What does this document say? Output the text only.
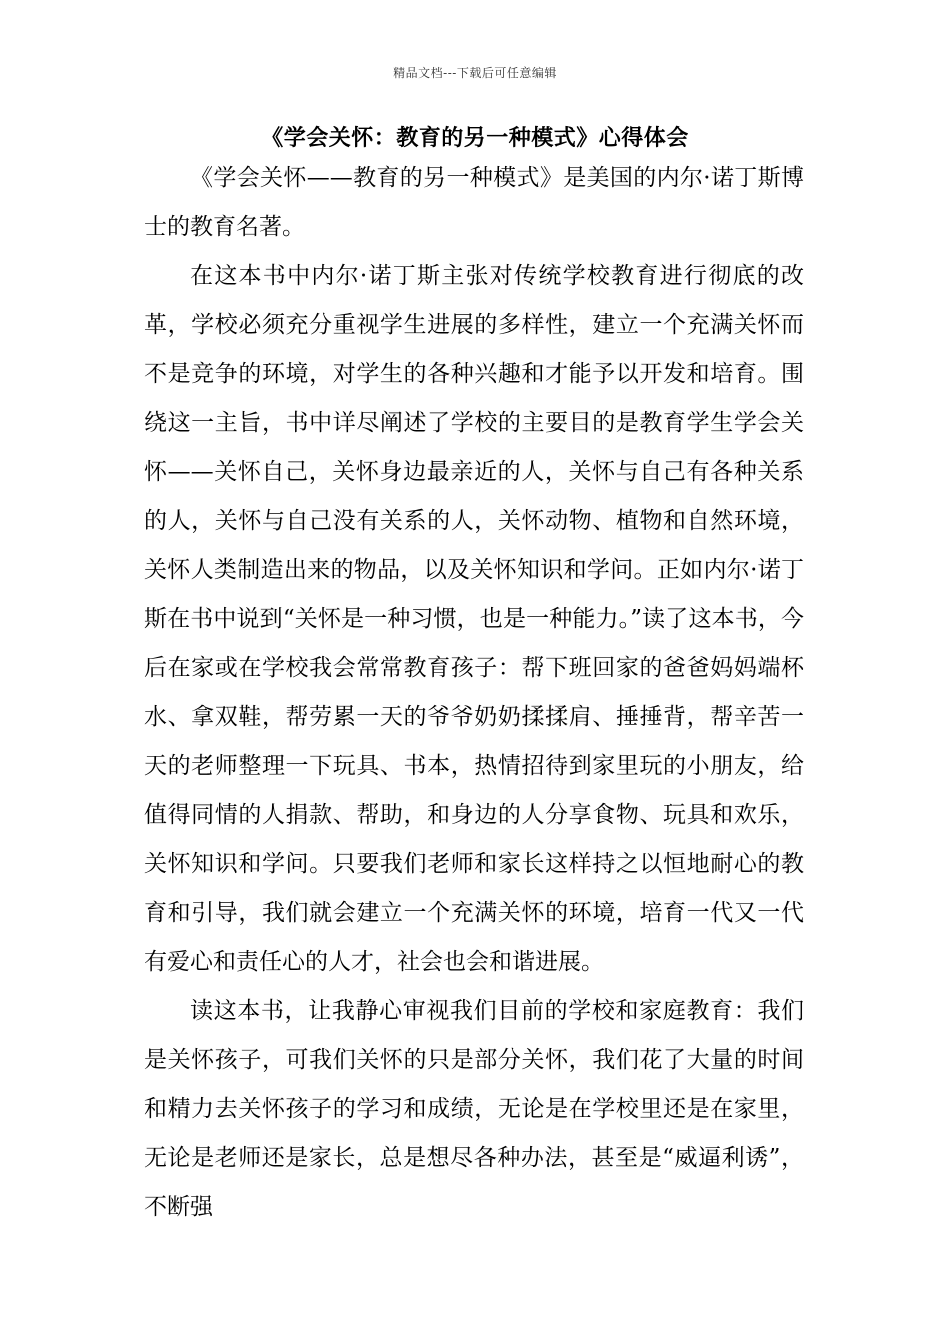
精品文档---下载后可任意编辑
《学会关怀：教育的另一种模式》心得体会

《学会关怀——教育的另一种模式》是美国的内尔·诺丁斯博士的教育名著。

在这本书中内尔·诺丁斯主张对传统学校教育进行彻底的改革，学校必须充分重视学生进展的多样性，建立一个充满关怀而不是竞争的环境，对学生的各种兴趣和才能予以开发和培育。围绕这一主旨，书中详尽阐述了学校的主要目的是教育学生学会关怀——关怀自己，关怀身边最亲近的人，关怀与自己有各种关系的人，关怀与自己没有关系的人，关怀动物、植物和自然环境，关怀人类制造出来的物品，以及关怀知识和学问。正如内尔·诺丁斯在书中说到“关怀是一种习惯，也是一种能力。”读了这本书，今后在家或在学校我会常常教育孩子：帮下班回家的爸爸妈妈端杯水、拿双鞋，帮劳累一天的爷爷奶奶揉揉肩、捶捶背，帮辛苦一天的老师整理一下玩具、书本，热情招待到家里玩的小朋友，给值得同情的人捐款、帮助，和身边的人分享食物、玩具和欢乐，关怀知识和学问。只要我们老师和家长这样持之以恒地耐心的教育和引导，我们就会建立一个充满关怀的环境，培育一代又一代有爱心和责任心的人才，社会也会和谐进展。

读这本书，让我静心审视我们目前的学校和家庭教育：我们是关怀孩子，可我们关怀的只是部分关怀，我们花了大量的时间和精力去关怀孩子的学习和成绩，无论是在学校里还是在家里，无论是老师还是家长，总是想尽各种办法，甚至是“威逼利诱”，不断强
